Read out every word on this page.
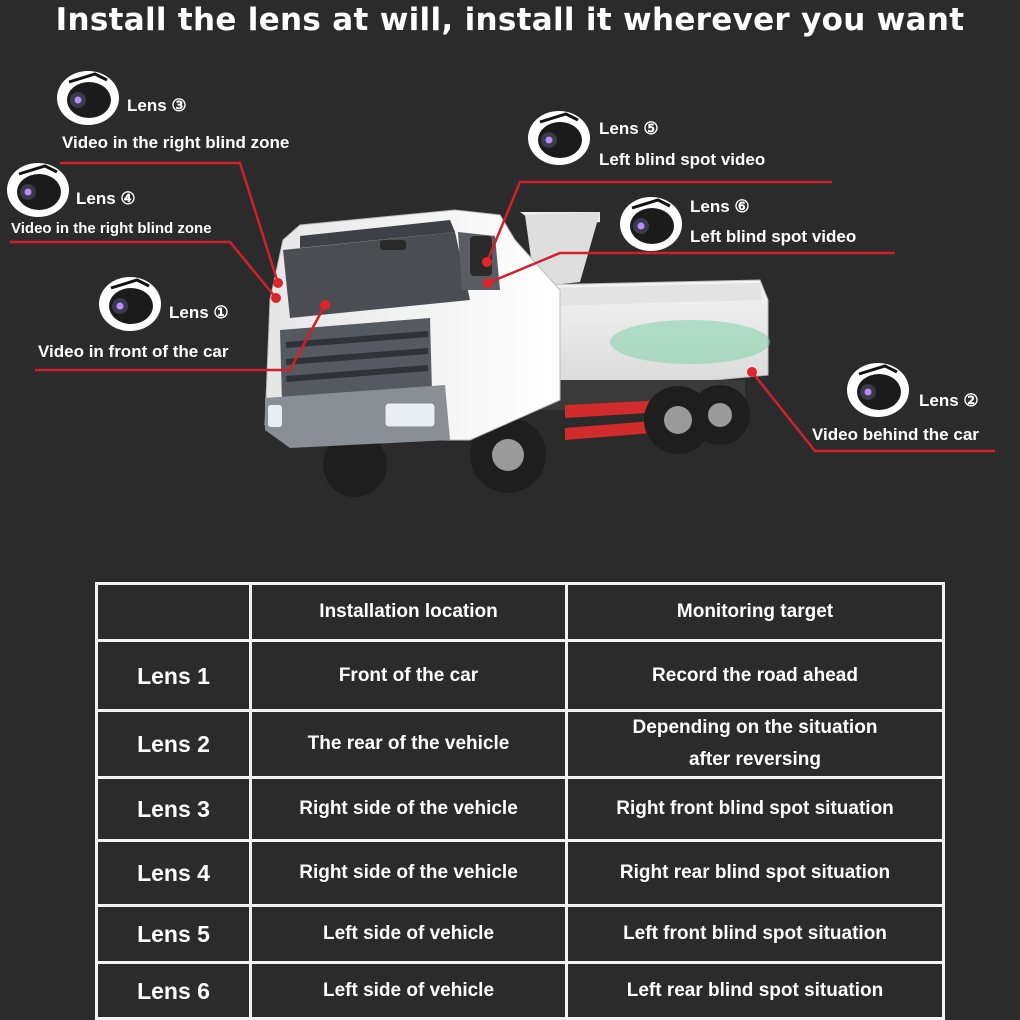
Install the lens at will, install it wherever you want
Lens ③
Video in the right blind zone
Lens ④
Video in the right blind zone
Lens ①
Video in front of the car
Lens ⑤
Left blind spot video
Lens ⑥
Left blind spot video
Lens ②
Video behind the car
	Installation location	Monitoring target
Lens 1	Front of the car	Record the road ahead
Lens 2	The rear of the vehicle	Depending on the situation after reversing
Lens 3	Right side of the vehicle	Right front blind spot situation
Lens 4	Right side of the vehicle	Right rear blind spot situation
Lens 5	Left side of vehicle	Left front blind spot situation
Lens 6	Left side of vehicle	Left rear blind spot situation
